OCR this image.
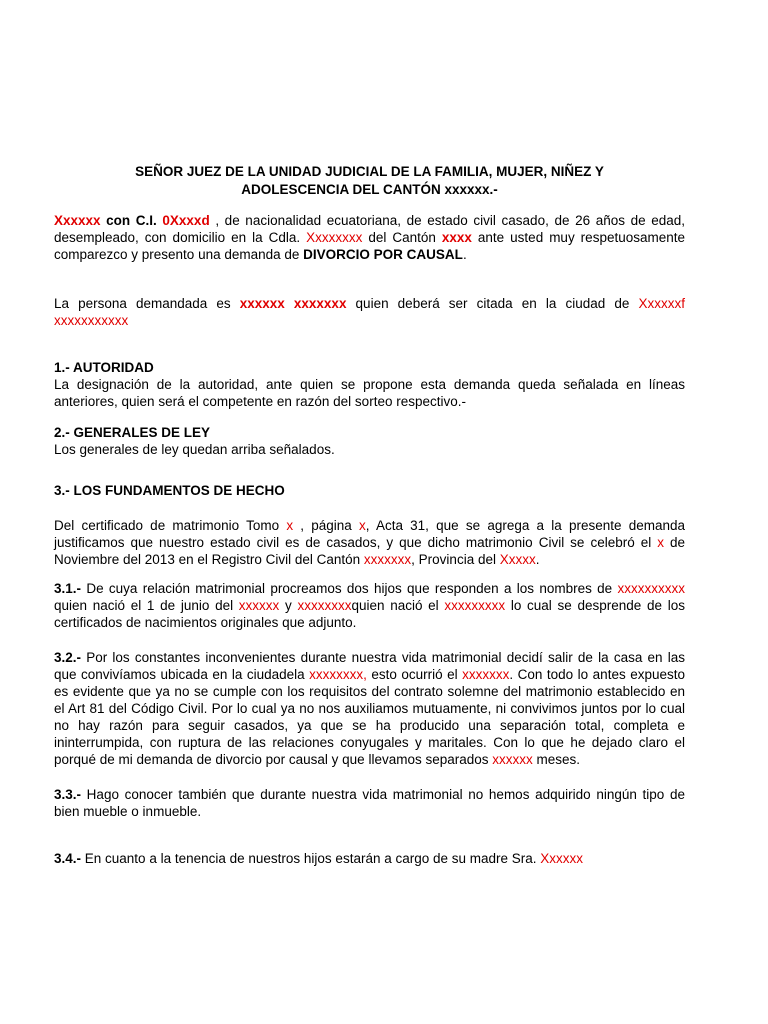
SEÑOR JUEZ DE LA UNIDAD JUDICIAL DE LA FAMILIA, MUJER, NIÑEZ Y
ADOLESCENCIA DEL CANTÓN xxxxxx.-

Xxxxxx con C.I. 0Xxxxd , de nacionalidad ecuatoriana, de estado civil casado, de 26 años de edad, desempleado, con domicilio en la Cdla. Xxxxxxxx del Cantón xxxx ante usted muy respetuosamente comparezco y presento una demanda de DIVORCIO POR CAUSAL.

La persona demandada es xxxxxx xxxxxxx quien deberá ser citada en la ciudad de Xxxxxxf xxxxxxxxxxx

1.- AUTORIDAD

La designación de la autoridad, ante quien se propone esta demanda queda señalada en líneas anteriores, quien será el competente en razón del sorteo respectivo.-

2.- GENERALES DE LEY

Los generales de ley quedan arriba señalados.

3.- LOS FUNDAMENTOS DE HECHO

Del certificado de matrimonio Tomo x , página x, Acta 31, que se agrega a la presente demanda justificamos que nuestro estado civil es de casados, y que dicho matrimonio Civil se celebró el x de Noviembre del 2013 en el Registro Civil del Cantón xxxxxxx, Provincia del Xxxxx.

3.1.- De cuya relación matrimonial procreamos dos hijos que responden a los nombres de xxxxxxxxxx quien nació el 1 de junio del xxxxxx y xxxxxxxxquien nació el xxxxxxxxx lo cual se desprende de los certificados de nacimientos originales que adjunto.

3.2.- Por los constantes inconvenientes durante nuestra vida matrimonial decidí salir de la casa en las que convivíamos ubicada en la ciudadela xxxxxxxx, esto ocurrió el xxxxxxx. Con todo lo antes expuesto es evidente que ya no se cumple con los requisitos del contrato solemne del matrimonio establecido en el Art 81 del Código Civil. Por lo cual ya no nos auxiliamos mutuamente, ni convivimos juntos por lo cual no hay razón para seguir casados, ya que se ha producido una separación total, completa e ininterrumpida, con ruptura de las relaciones conyugales y maritales. Con lo que he dejado claro el porqué de mi demanda de divorcio por causal y que llevamos separados xxxxxx meses.

3.3.- Hago conocer también que durante nuestra vida matrimonial no hemos adquirido ningún tipo de bien mueble o inmueble.

3.4.- En cuanto a la tenencia de nuestros hijos estarán a cargo de su madre Sra. Xxxxxx
